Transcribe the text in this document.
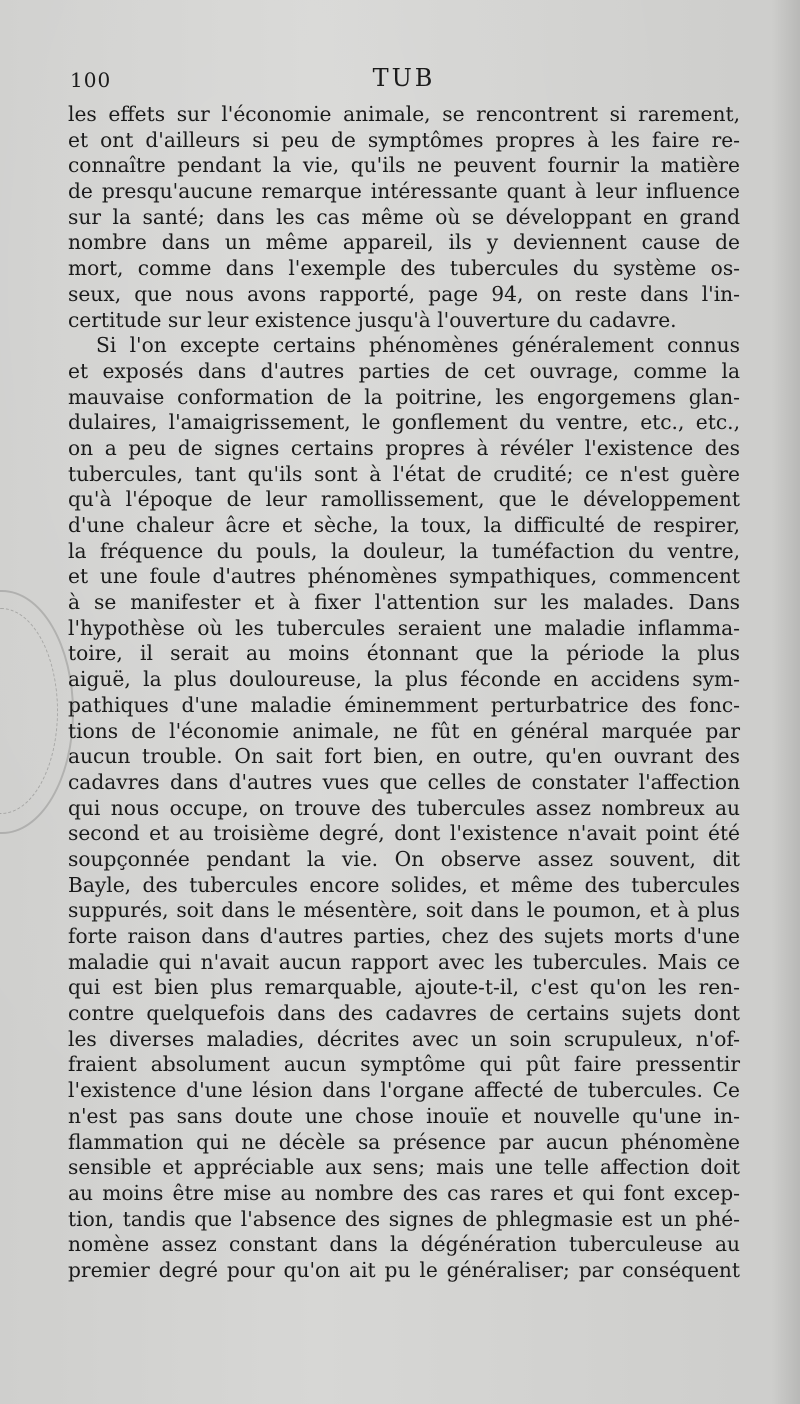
100	TUB
les effets sur l'économie animale, se rencontrent si rarement,
et ont d'ailleurs si peu de symptômes propres à les faire re-
connaître pendant la vie, qu'ils ne peuvent fournir la matière
de presqu'aucune remarque intéressante quant à leur influence
sur la santé; dans les cas même où se développant en grand
nombre dans un même appareil, ils y deviennent cause de
mort, comme dans l'exemple des tubercules du système os-
seux, que nous avons rapporté, page 94, on reste dans l'in-
certitude sur leur existence jusqu'à l'ouverture du cadavre.
Si l'on excepte certains phénomènes généralement connus
et exposés dans d'autres parties de cet ouvrage, comme la
mauvaise conformation de la poitrine, les engorgemens glan-
dulaires, l'amaigrissement, le gonflement du ventre, etc., etc.,
on a peu de signes certains propres à révéler l'existence des
tubercules, tant qu'ils sont à l'état de crudité; ce n'est guère
qu'à l'époque de leur ramollissement, que le développement
d'une chaleur âcre et sèche, la toux, la difficulté de respirer,
la fréquence du pouls, la douleur, la tuméfaction du ventre,
et une foule d'autres phénomènes sympathiques, commencent
à se manifester et à fixer l'attention sur les malades. Dans
l'hypothèse où les tubercules seraient une maladie inflamma-
toire, il serait au moins étonnant que la période la plus
aiguë, la plus douloureuse, la plus féconde en accidens sym-
pathiques d'une maladie éminemment perturbatrice des fonc-
tions de l'économie animale, ne fût en général marquée par
aucun trouble. On sait fort bien, en outre, qu'en ouvrant des
cadavres dans d'autres vues que celles de constater l'affection
qui nous occupe, on trouve des tubercules assez nombreux au
second et au troisième degré, dont l'existence n'avait point été
soupçonnée pendant la vie. On observe assez souvent, dit
Bayle, des tubercules encore solides, et même des tubercules
suppurés, soit dans le mésentère, soit dans le poumon, et à plus
forte raison dans d'autres parties, chez des sujets morts d'une
maladie qui n'avait aucun rapport avec les tubercules. Mais ce
qui est bien plus remarquable, ajoute-t-il, c'est qu'on les ren-
contre quelquefois dans des cadavres de certains sujets dont
les diverses maladies, décrites avec un soin scrupuleux, n'of-
fraient absolument aucun symptôme qui pût faire pressentir
l'existence d'une lésion dans l'organe affecté de tubercules. Ce
n'est pas sans doute une chose inouïe et nouvelle qu'une in-
flammation qui ne décèle sa présence par aucun phénomène
sensible et appréciable aux sens; mais une telle affection doit
au moins être mise au nombre des cas rares et qui font excep-
tion, tandis que l'absence des signes de phlegmasie est un phé-
nomène assez constant dans la dégénération tuberculeuse au
premier degré pour qu'on ait pu le généraliser; par conséquent
